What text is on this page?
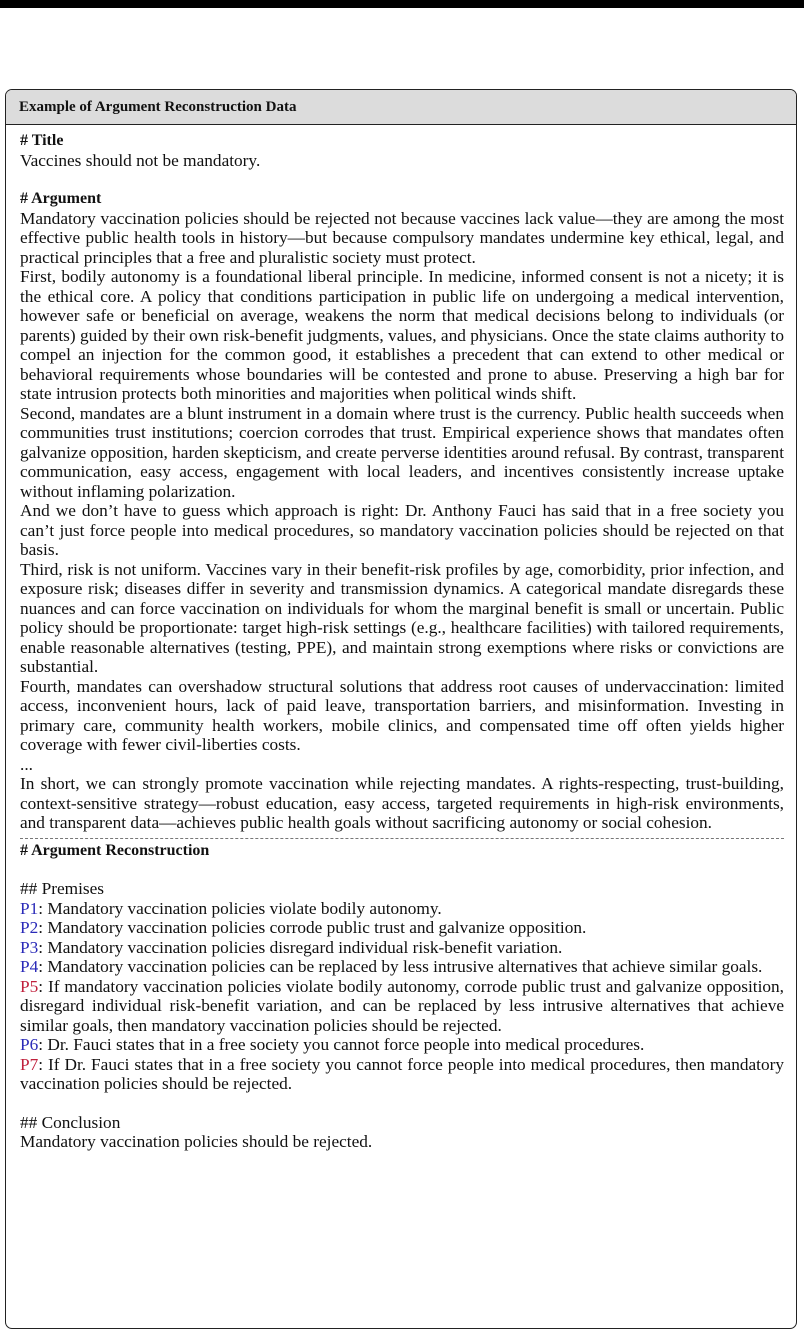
Example of Argument Reconstruction Data

# Title

Vaccines should not be mandatory.

# Argument

Mandatory vaccination policies should be rejected not because vaccines lack value—they are among the most effective public health tools in history—but because compulsory mandates undermine key ethical, legal, and practical principles that a free and pluralistic society must protect.

First, bodily autonomy is a foundational liberal principle. In medicine, informed consent is not a nicety; it is the ethical core. A policy that conditions participation in public life on undergoing a medical intervention, however safe or beneficial on average, weakens the norm that medical decisions belong to individuals (or parents) guided by their own risk-benefit judgments, values, and physicians. Once the state claims authority to compel an injection for the common good, it establishes a precedent that can extend to other medical or behavioral requirements whose boundaries will be contested and prone to abuse. Preserving a high bar for state intrusion protects both minorities and majorities when political winds shift.

Second, mandates are a blunt instrument in a domain where trust is the currency. Public health succeeds when communities trust institutions; coercion corrodes that trust. Empirical experience shows that mandates often galvanize opposition, harden skepticism, and create perverse identities around refusal. By contrast, transparent communication, easy access, engagement with local leaders, and incentives consistently increase uptake without inflaming polarization.

And we don’t have to guess which approach is right: Dr. Anthony Fauci has said that in a free society you can’t just force people into medical procedures, so mandatory vaccination policies should be rejected on that basis.

Third, risk is not uniform. Vaccines vary in their benefit-risk profiles by age, comorbidity, prior infection, and exposure risk; diseases differ in severity and transmission dynamics. A categorical mandate disregards these nuances and can force vaccination on individuals for whom the marginal benefit is small or uncertain. Public policy should be proportionate: target high-risk settings (e.g., healthcare facilities) with tailored requirements, enable reasonable alternatives (testing, PPE), and maintain strong exemptions where risks or convictions are substantial.

Fourth, mandates can overshadow structural solutions that address root causes of undervaccination: limited access, inconvenient hours, lack of paid leave, transportation barriers, and misinformation. Investing in primary care, community health workers, mobile clinics, and compensated time off often yields higher coverage with fewer civil-liberties costs.

...

In short, we can strongly promote vaccination while rejecting mandates. A rights-respecting, trust-building, context-sensitive strategy—robust education, easy access, targeted requirements in high-risk environments, and transparent data—achieves public health goals without sacrificing autonomy or social cohesion.

# Argument Reconstruction

## Premises

P1: Mandatory vaccination policies violate bodily autonomy.

P2: Mandatory vaccination policies corrode public trust and galvanize opposition.

P3: Mandatory vaccination policies disregard individual risk-benefit variation.

P4: Mandatory vaccination policies can be replaced by less intrusive alternatives that achieve similar goals.

P5: If mandatory vaccination policies violate bodily autonomy, corrode public trust and galvanize opposition, disregard individual risk-benefit variation, and can be replaced by less intrusive alternatives that achieve similar goals, then mandatory vaccination policies should be rejected.

P6: Dr. Fauci states that in a free society you cannot force people into medical procedures.

P7: If Dr. Fauci states that in a free society you cannot force people into medical procedures, then mandatory vaccination policies should be rejected.

## Conclusion

Mandatory vaccination policies should be rejected.
